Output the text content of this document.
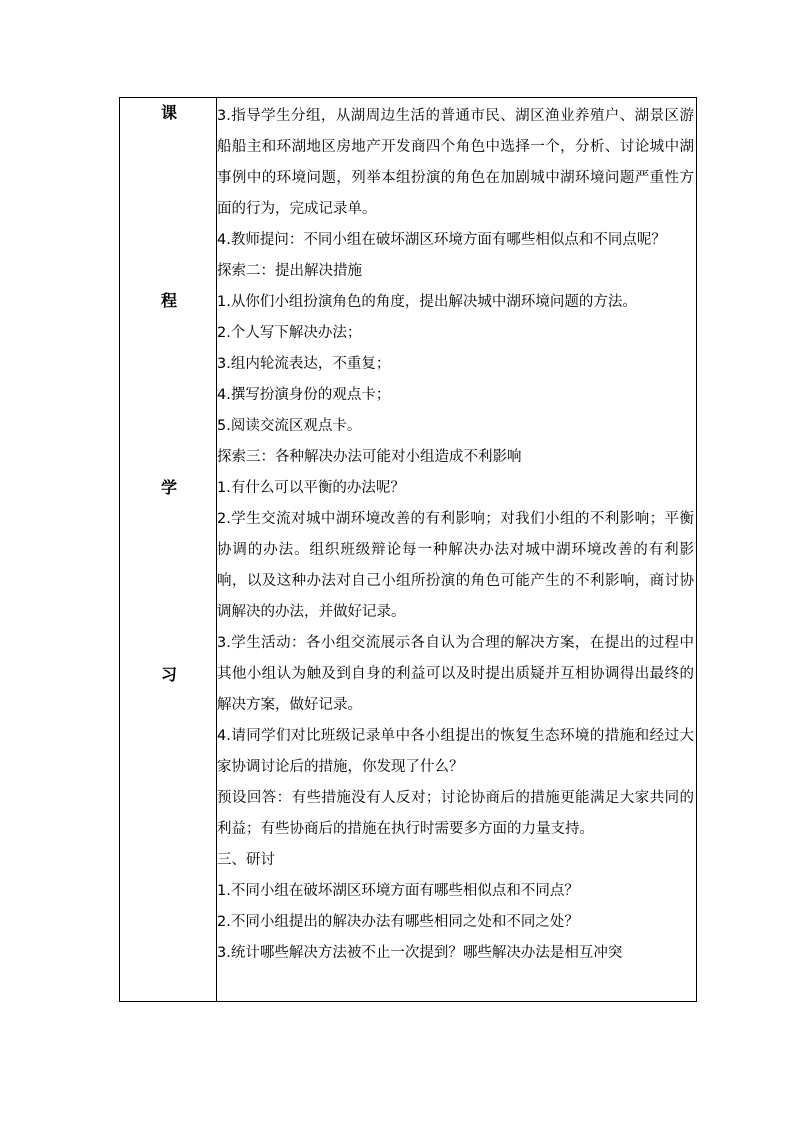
课
程
学
习

3.指导学生分组，从湖周边生活的普通市民、湖区渔业养殖户、湖景区游船船主和环湖地区房地产开发商四个角色中选择一个，分析、讨论城中湖事例中的环境问题，列举本组扮演的角色在加剧城中湖环境问题严重性方面的行为，完成记录单。

4.教师提问：不同小组在破坏湖区环境方面有哪些相似点和不同点呢？

探索二：提出解决措施

1.从你们小组扮演角色的角度，提出解决城中湖环境问题的方法。

2.个人写下解决办法；

3.组内轮流表达，不重复；

4.撰写扮演身份的观点卡；

5.阅读交流区观点卡。

探索三：各种解决办法可能对小组造成不利影响

1.有什么可以平衡的办法呢？

2.学生交流对城中湖环境改善的有利影响；对我们小组的不利影响；平衡协调的办法。组织班级辩论每一种解决办法对城中湖环境改善的有利影响，以及这种办法对自己小组所扮演的角色可能产生的不利影响，商讨协调解决的办法，并做好记录。

3.学生活动：各小组交流展示各自认为合理的解决方案，在提出的过程中其他小组认为触及到自身的利益可以及时提出质疑并互相协调得出最终的解决方案，做好记录。

4.请同学们对比班级记录单中各小组提出的恢复生态环境的措施和经过大家协调讨论后的措施，你发现了什么？

预设回答：有些措施没有人反对；讨论协商后的措施更能满足大家共同的利益；有些协商后的措施在执行时需要多方面的力量支持。

三、研讨

1.不同小组在破坏湖区环境方面有哪些相似点和不同点？

2.不同小组提出的解决办法有哪些相同之处和不同之处？

3.统计哪些解决方法被不止一次提到？哪些解决办法是相互冲突
